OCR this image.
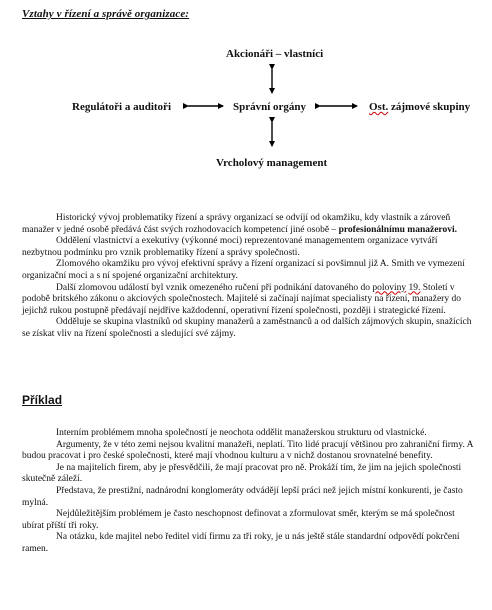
Vztahy v řízení a správě organizace:
Akcionáři – vlastníci
Regulátoři a auditoři	Správní orgány	Ost. zájmové skupiny
Vrcholový management

Historický vývoj problematiky řízení a správy organizací se odvíjí od okamžiku, kdy vlastník a zároveň manažer v jedné osobě předává část svých rozhodovacích kompetencí jiné osobě – profesionálnímu manažerovi.

Oddělení vlastnictví a exekutivy (výkonné moci) reprezentované managementem organizace vytváří nezbytnou podmínku pro vznik problematiky řízení a správy společnosti.

Zlomového okamžiku pro vývoj efektivní správy a řízení organizací si povšimnul již A. Smith ve vymezení organizační moci a s ní spojené organizační architektury.

Další zlomovou událostí byl vznik omezeného ručení při podnikání datovaného do poloviny 19. Století v podobě britského zákonu o akciových společnostech. Majitelé si začínají najímat specialisty na řízení, manažery do jejichž rukou postupně předávají nejdříve každodenní, operativní řízení společnosti, později i strategické řízení.

Odděluje se skupina vlastníků od skupiny manažerů a zaměstnanců a od dalších zájmových skupin, snažících se získat vliv na řízení společnosti a sledující své zájmy.

Příklad

Interním problémem mnoha společností je neochota oddělit manažerskou strukturu od vlastnické.

Argumenty, že v této zemi nejsou kvalitní manažeři, neplatí. Tito lidé pracují většinou pro zahraniční firmy. A budou pracovat i pro české společnosti, které mají vhodnou kulturu a v nichž dostanou srovnatelné benefity.

Je na majitelích firem, aby je přesvědčili, že mají pracovat pro ně. Prokáží tím, že jim na jejich společnosti skutečně záleží.

Představa, že prestižní, nadnárodní konglomeráty odvádějí lepší práci než jejich místní konkurenti, je často mylná.

Nejdůležitějším problémem je často neschopnost definovat a zformulovat směr, kterým se má společnost ubírat příští tři roky.

Na otázku, kde majitel nebo ředitel vidí firmu za tři roky, je u nás ještě stále standardní odpovědí pokrčení ramen.
